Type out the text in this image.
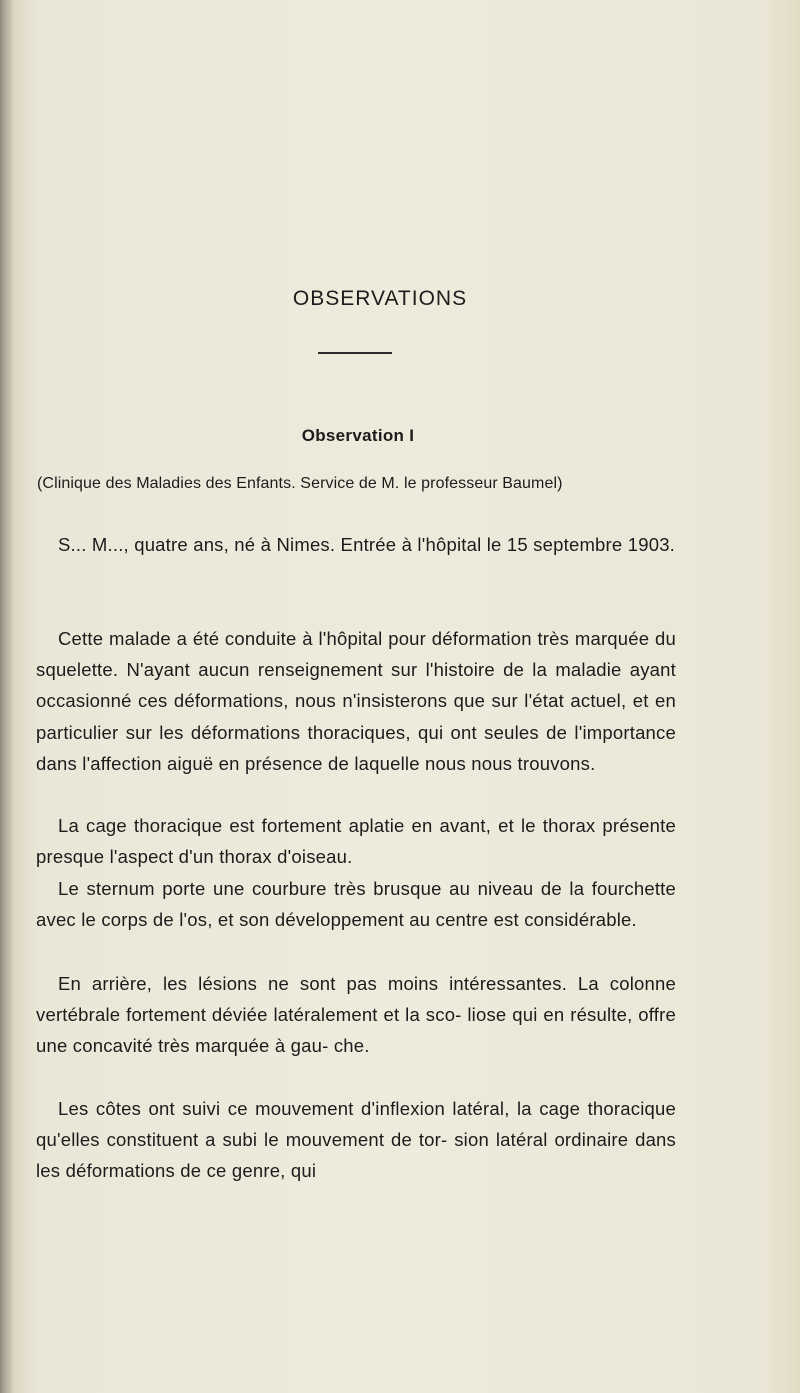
OBSERVATIONS
Observation I
(Clinique des Maladies des Enfants. Service de M. le professeur Baumel)

S... M..., quatre ans, né à Nimes. Entrée à l'hôpital le 15 septembre 1903.

Cette malade a été conduite à l'hôpital pour déformation très marquée du squelette. N'ayant aucun renseignement sur l'histoire de la maladie ayant occasionné ces déformations, nous n'insisterons que sur l'état actuel, et en particulier sur les déformations thoraciques, qui ont seules de l'importance dans l'affection aiguë en présence de laquelle nous nous trouvons.

La cage thoracique est fortement aplatie en avant, et le thorax présente presque l'aspect d'un thorax d'oiseau.

Le sternum porte une courbure très brusque au niveau de la fourchette avec le corps de l'os, et son développement au centre est considérable.

En arrière, les lésions ne sont pas moins intéressantes. La colonne vertébrale fortement déviée latéralement et la sco- liose qui en résulte, offre une concavité très marquée à gau- che.

Les côtes ont suivi ce mouvement d'inflexion latéral, la cage thoracique qu'elles constituent a subi le mouvement de tor- sion latéral ordinaire dans les déformations de ce genre, qui
